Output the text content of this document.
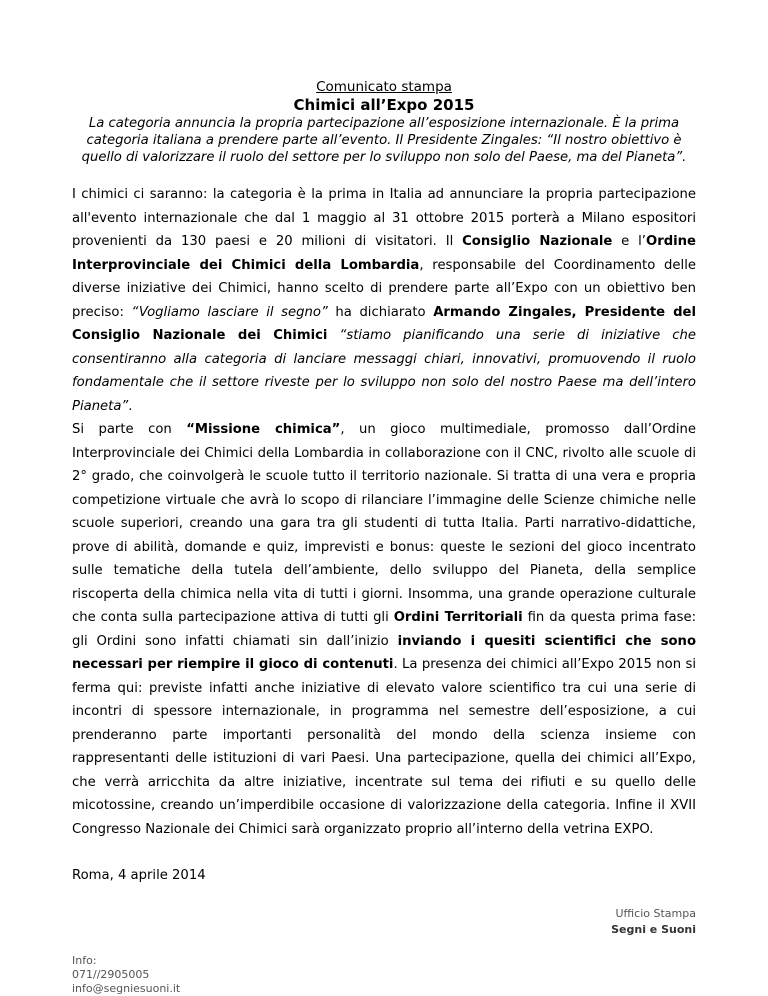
Comunicato stampa
Chimici all’Expo 2015
La categoria annuncia la propria partecipazione all’esposizione internazionale. È la prima categoria italiana a prendere parte all’evento. Il Presidente Zingales: “Il nostro obiettivo è quello di valorizzare il ruolo del settore per lo sviluppo non solo del Paese, ma del Pianeta”.

I chimici ci saranno: la categoria è la prima in Italia ad annunciare la propria partecipazione all'evento internazionale che dal 1 maggio al 31 ottobre 2015 porterà a Milano espositori provenienti da 130 paesi e 20 milioni di visitatori. Il Consiglio Nazionale e l’Ordine Interprovinciale dei Chimici della Lombardia, responsabile del Coordinamento delle diverse iniziative dei Chimici, hanno scelto di prendere parte all’Expo con un obiettivo ben preciso: “Vogliamo lasciare il segno” ha dichiarato Armando Zingales, Presidente del Consiglio Nazionale dei Chimici “stiamo pianificando una serie di iniziative che consentiranno alla categoria di lanciare messaggi chiari, innovativi, promuovendo il ruolo fondamentale che il settore riveste per lo sviluppo non solo del nostro Paese ma dell’intero Pianeta”.

Si parte con “Missione chimica”, un gioco multimediale, promosso dall’Ordine Interprovinciale dei Chimici della Lombardia in collaborazione con il CNC, rivolto alle scuole di 2° grado, che coinvolgerà le scuole tutto il territorio nazionale. Si tratta di una vera e propria competizione virtuale che avrà lo scopo di rilanciare l’immagine delle Scienze chimiche nelle scuole superiori, creando una gara tra gli studenti di tutta Italia. Parti narrativo-didattiche, prove di abilità, domande e quiz, imprevisti e bonus: queste le sezioni del gioco incentrato sulle tematiche della tutela dell’ambiente, dello sviluppo del Pianeta, della semplice riscoperta della chimica nella vita di tutti i giorni. Insomma, una grande operazione culturale che conta sulla partecipazione attiva di tutti gli Ordini Territoriali fin da questa prima fase: gli Ordini sono infatti chiamati sin dall’inizio inviando i quesiti scientifici che sono necessari per riempire il gioco di contenuti. La presenza dei chimici all’Expo 2015 non si ferma qui: previste infatti anche iniziative di elevato valore scientifico tra cui una serie di incontri di spessore internazionale, in programma nel semestre dell’esposizione, a cui prenderanno parte importanti personalità del mondo della scienza insieme con rappresentanti delle istituzioni di vari Paesi. Una partecipazione, quella dei chimici all’Expo, che verrà arricchita da altre iniziative, incentrate sul tema dei rifiuti e su quello delle micotossine, creando un’imperdibile occasione di valorizzazione della categoria. Infine il XVII Congresso Nazionale dei Chimici sarà organizzato proprio all’interno della vetrina EXPO.

Roma, 4 aprile 2014
Ufficio Stampa
Segni e Suoni
Info:
071//2905005
info@segniesuoni.it
